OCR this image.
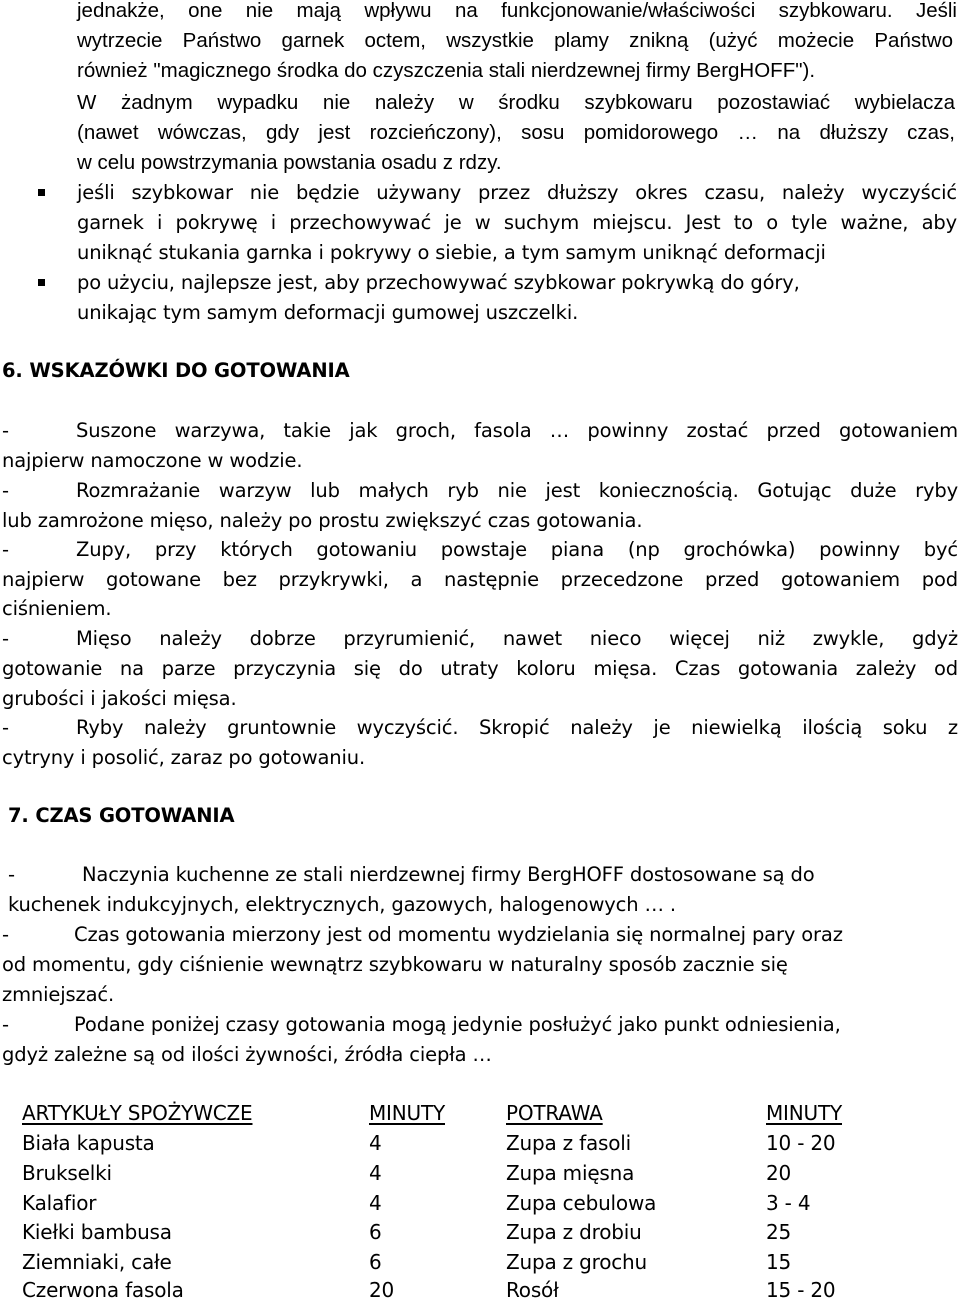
jednakże, one nie mają wpływu na funkcjonowanie/właściwości szybkowaru. Jeśli
wytrzecie Państwo garnek octem, wszystkie plamy znikną (użyć możecie Państwo
również "magicznego środka do czyszczenia stali nierdzewnej firmy BergHOFF").
W żadnym wypadku nie należy w środku szybkowaru pozostawiać wybielacza
(nawet wówczas, gdy jest rozcieńczony), sosu pomidorowego … na dłuższy czas,
w celu powstrzymania powstania osadu z rdzy.
jeśli szybkowar nie będzie używany przez dłuższy okres czasu, należy wyczyścić
garnek i pokrywę i przechowywać je w suchym miejscu. Jest to o tyle ważne, aby
uniknąć stukania garnka i pokrywy o siebie, a tym samym uniknąć deformacji
po użyciu, najlepsze jest, aby przechowywać szybkowar pokrywką do góry,
unikając tym samym deformacji gumowej uszczelki.
6. WSKAZÓWKI DO GOTOWANIA
-	Suszone warzywa, takie jak groch, fasola … powinny zostać przed gotowaniem
najpierw namoczone w wodzie.
-	Rozmrażanie warzyw lub małych ryb nie jest koniecznością. Gotując duże ryby
lub zamrożone mięso, należy po prostu zwiększyć czas gotowania.
-	Zupy, przy których gotowaniu powstaje piana (np grochówka) powinny być
najpierw gotowane bez przykrywki, a następnie przecedzone przed gotowaniem pod
ciśnieniem.
-	Mięso należy dobrze przyrumienić, nawet nieco więcej niż zwykle, gdyż
gotowanie na parze przyczynia się do utraty koloru mięsa. Czas gotowania zależy od
grubości i jakości mięsa.
-	Ryby należy gruntownie wyczyścić. Skropić należy je niewielką ilością soku z
cytryny i posolić, zaraz po gotowaniu.
7. CZAS GOTOWANIA
-	Naczynia kuchenne ze stali nierdzewnej firmy BergHOFF dostosowane są do
kuchenek indukcyjnych, elektrycznych, gazowych, halogenowych … .
-	Czas gotowania mierzony jest od momentu wydzielania się normalnej pary oraz
od momentu, gdy ciśnienie wewnątrz szybkowaru w naturalny sposób zacznie się
zmniejszać.
-	Podane poniżej czasy gotowania mogą jedynie posłużyć jako punkt odniesienia,
gdyż zależne są od ilości żywności, źródła ciepła …
ARTYKUŁY SPOŻYWCZE	MINUTY	POTRAWA	MINUTY
Biała kapusta	4	Zupa z fasoli	10 - 20
Brukselki	4	Zupa mięsna	20
Kalafior	4	Zupa cebulowa	3 - 4
Kiełki bambusa	6	Zupa z drobiu	25
Ziemniaki, całe	6	Zupa z grochu	15
Czerwona fasola	20	Rosół	15 - 20
